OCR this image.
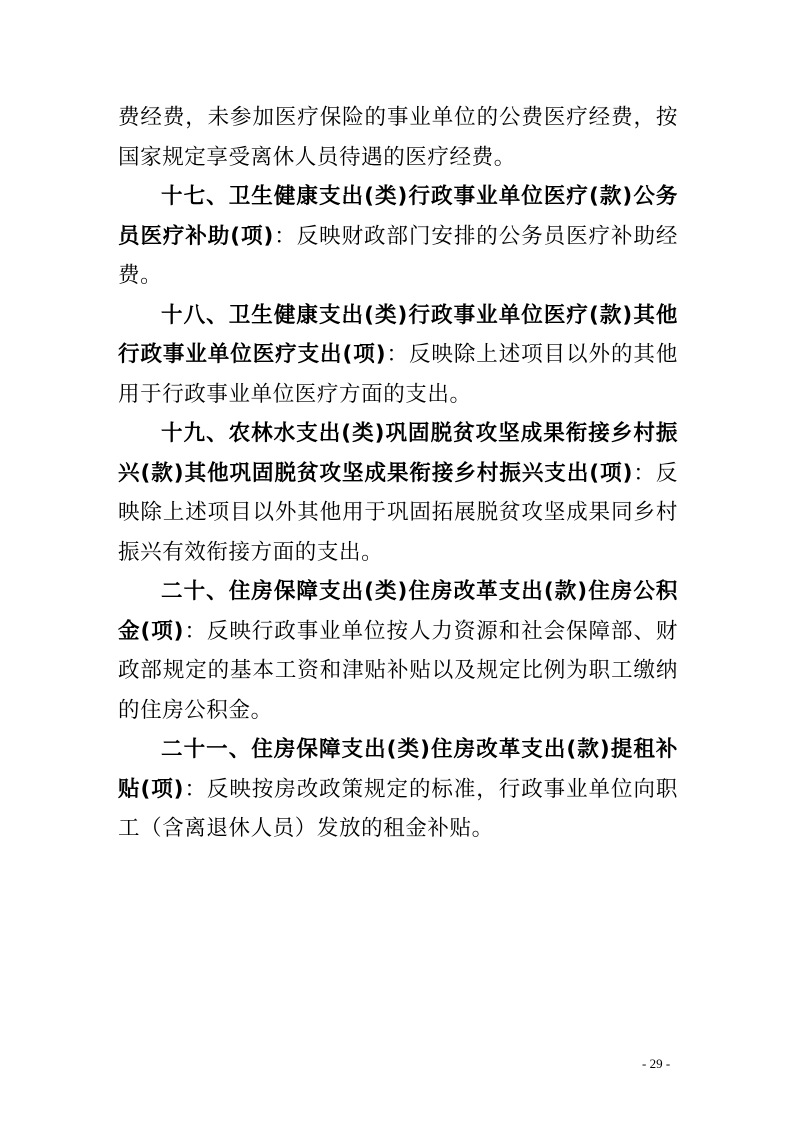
费经费，未参加医疗保险的事业单位的公费医疗经费，按国家规定享受离休人员待遇的医疗经费。

十七、卫生健康支出(类)行政事业单位医疗(款)公务员医疗补助(项)：反映财政部门安排的公务员医疗补助经费。

十八、卫生健康支出(类)行政事业单位医疗(款)其他行政事业单位医疗支出(项)：反映除上述项目以外的其他用于行政事业单位医疗方面的支出。

十九、农林水支出(类)巩固脱贫攻坚成果衔接乡村振兴(款)其他巩固脱贫攻坚成果衔接乡村振兴支出(项)：反映除上述项目以外其他用于巩固拓展脱贫攻坚成果同乡村振兴有效衔接方面的支出。

二十、住房保障支出(类)住房改革支出(款)住房公积金(项)：反映行政事业单位按人力资源和社会保障部、财政部规定的基本工资和津贴补贴以及规定比例为职工缴纳的住房公积金。

二十一、住房保障支出(类)住房改革支出(款)提租补贴(项)：反映按房改政策规定的标准，行政事业单位向职工（含离退休人员）发放的租金补贴。

- 29 -
